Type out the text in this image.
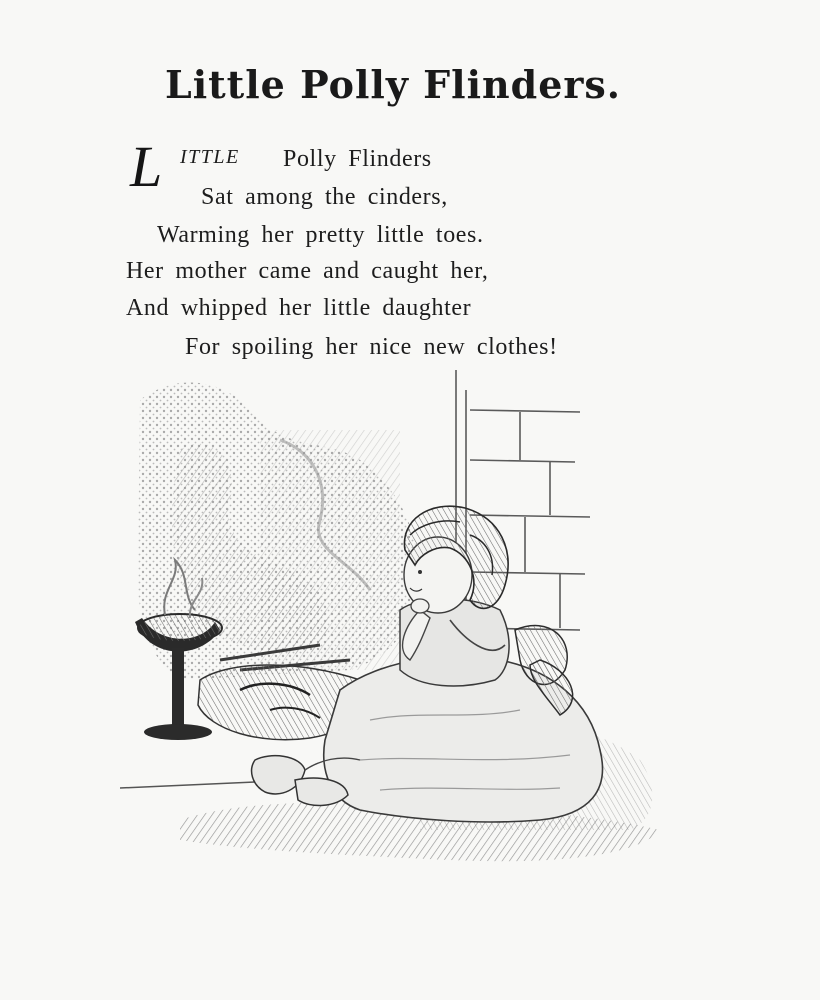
Little Polly Flinders.
L ITTLE Polly Flinders
Sat among the cinders,
Warming her pretty little toes.
Her mother came and caught her,
And whipped her little daughter
For spoiling her nice new clothes!
